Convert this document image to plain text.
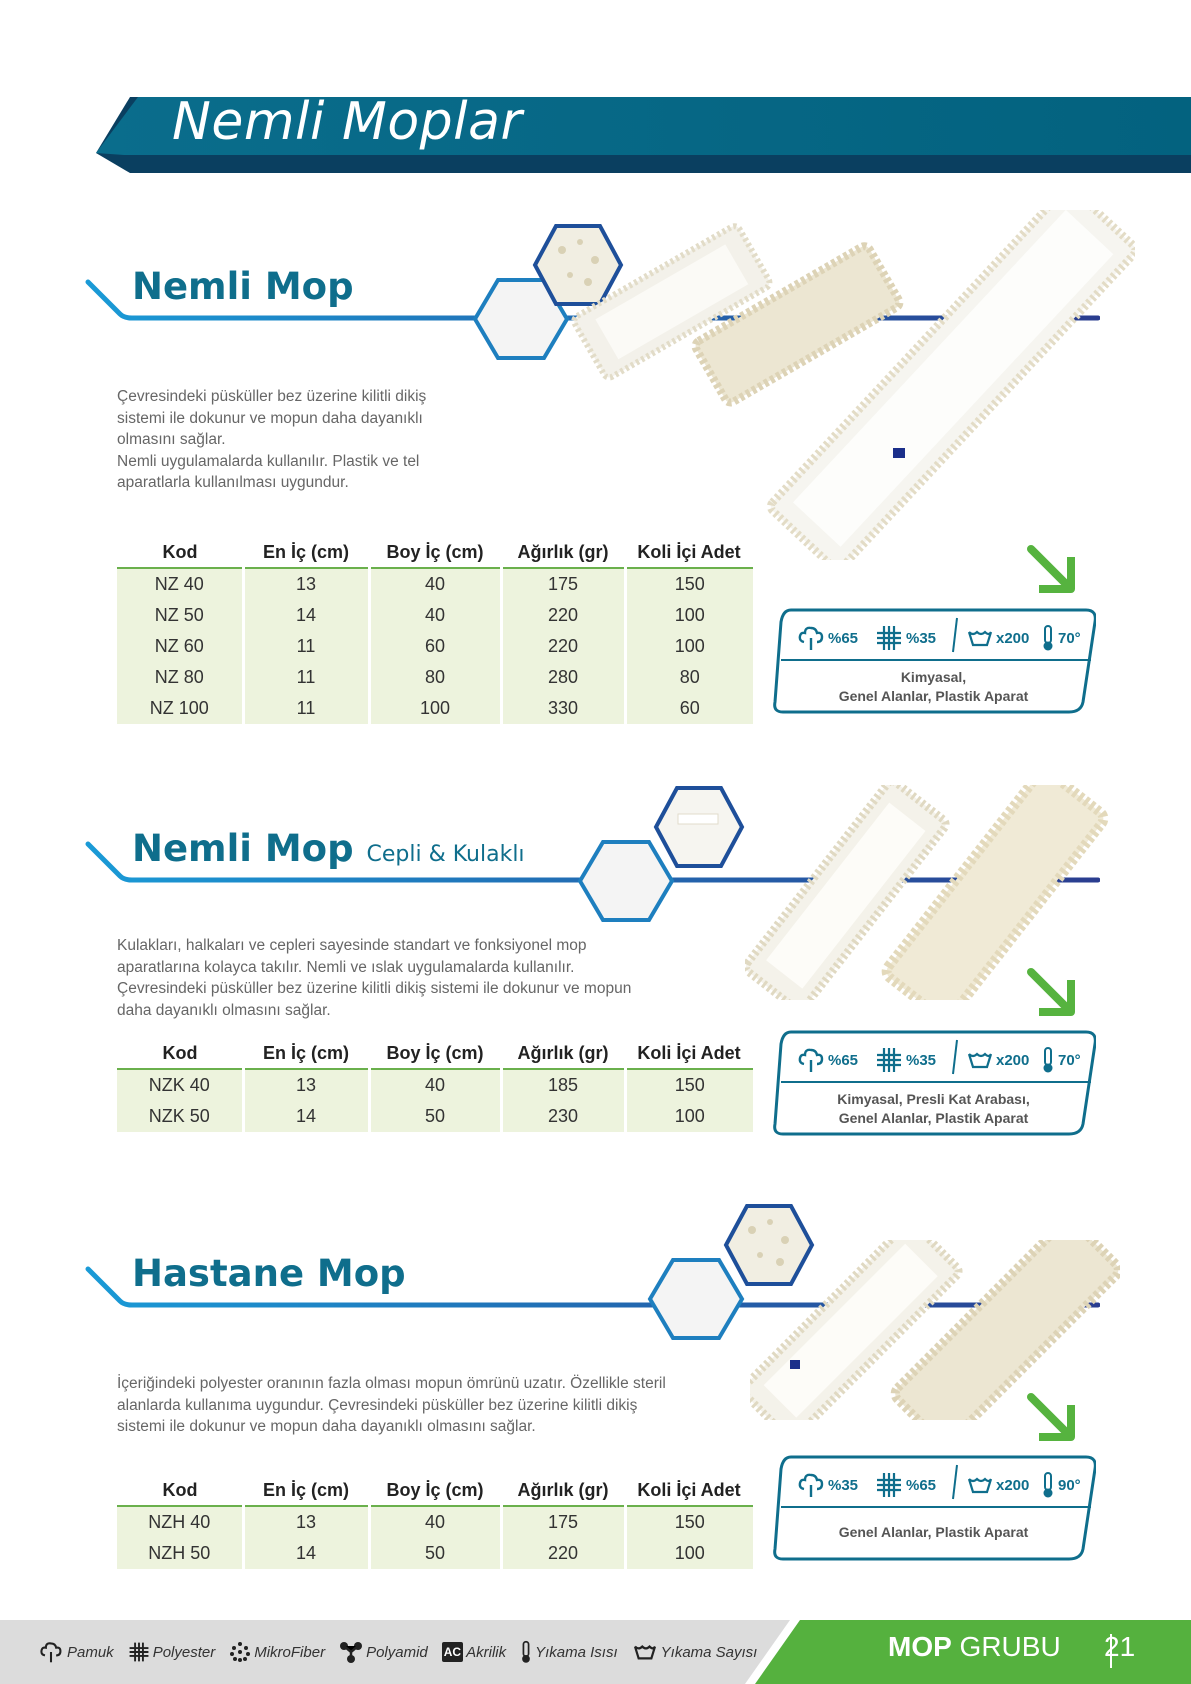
Nemli Moplar
Nemli Mop
Çevresindeki püsküller bez üzerine kilitli dikiş
sistemi ile dokunur ve mopun daha dayanıklı
olmasını sağlar.
Nemli uygulamalarda kullanılır. Plastik ve tel
aparatlarla kullanılması uygundur.
Kod	En İç (cm)	Boy İç (cm)	Ağırlık (gr)	Koli İçi Adet
NZ 40	13	40	175	150
NZ 50	14	40	220	100
NZ 60	11	60	220	100
NZ 80	11	80	280	80
NZ 100	11	100	330	60
%65	%35	x200 70°
Kimyasal,
Genel Alanlar, Plastik Aparat
Nemli Mop Cepli & Kulaklı
Kulakları, halkaları ve cepleri sayesinde standart ve fonksiyonel mop
aparatlarına kolayca takılır. Nemli ve ıslak uygulamalarda kullanılır.
Çevresindeki püsküller bez üzerine kilitli dikiş sistemi ile dokunur ve mopun
daha dayanıklı olmasını sağlar.
Kod	En İç (cm)	Boy İç (cm)	Ağırlık (gr)	Koli İçi Adet
NZK 40	13	40	185	150
NZK 50	14	50	230	100
%65	%35	x200 70°
Kimyasal, Presli Kat Arabası,
Genel Alanlar, Plastik Aparat
Hastane Mop
İçeriğindeki polyester oranının fazla olması mopun ömrünü uzatır. Özellikle steril
alanlarda kullanıma uygundur. Çevresindeki püsküller bez üzerine kilitli dikiş
sistemi ile dokunur ve mopun daha dayanıklı olmasını sağlar.
Kod	En İç (cm)	Boy İç (cm)	Ağırlık (gr)	Koli İçi Adet
NZH 40	13	40	175	150
NZH 50	14	50	220	100
%35	%65	x200 90°
Genel Alanlar, Plastik Aparat
Pamuk	Polyester	MikroFiber	Polyamid AC Akrilik Yıkama Isısı	Yıkama Sayısı	MOP GRUBU 21
